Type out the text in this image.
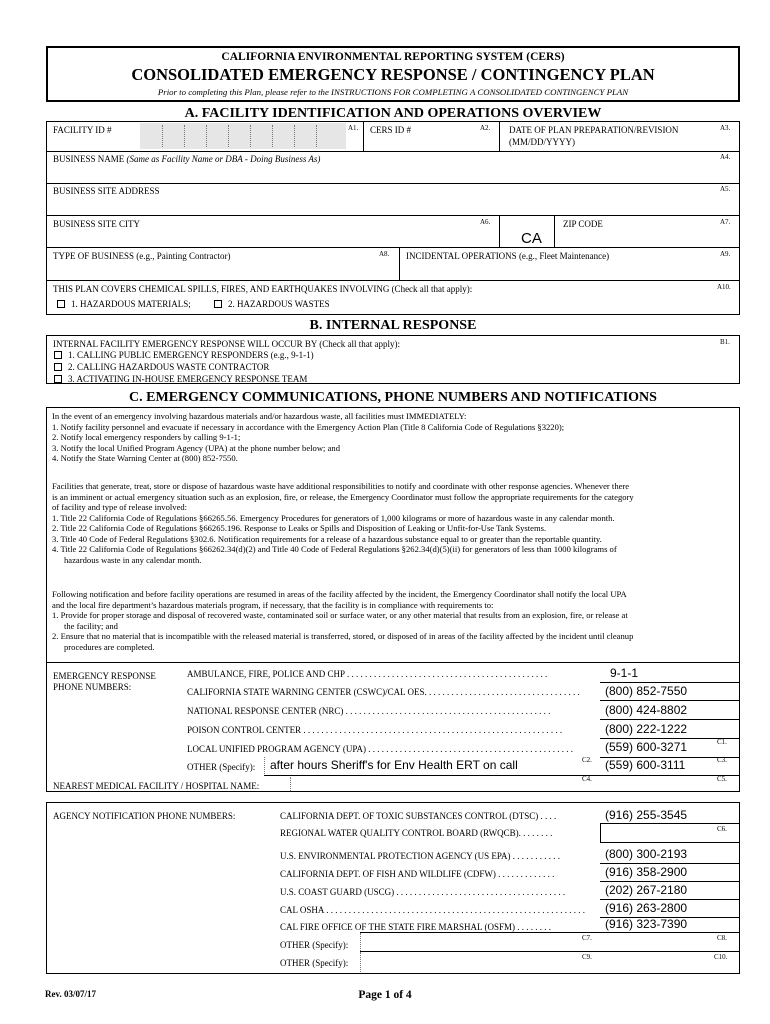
CALIFORNIA ENVIRONMENTAL REPORTING SYSTEM (CERS)
CONSOLIDATED EMERGENCY RESPONSE / CONTINGENCY PLAN
Prior to completing this Plan, please refer to the INSTRUCTIONS FOR COMPLETING A CONSOLIDATED CONTINGENCY PLAN
A. FACILITY IDENTIFICATION AND OPERATIONS OVERVIEW
FACILITY ID #	A1. CERS ID #	A2. DATE OF PLAN PREPARATION/REVISION
(MM/DD/YYYY)
A3.
BUSINESS NAME (Same as Facility Name or DBA - Doing Business As)	A4.
BUSINESS SITE ADDRESS	A5.
BUSINESS SITE CITY	A6.
CA
ZIP CODE	A7.
TYPE OF BUSINESS (e.g., Painting Contractor)	A8. INCIDENTAL OPERATIONS (e.g., Fleet Maintenance)	A9.
THIS PLAN COVERS CHEMICAL SPILLS, FIRES, AND EARTHQUAKES INVOLVING (Check all that apply):	A10.
1. HAZARDOUS MATERIALS;	2. HAZARDOUS WASTES
B. INTERNAL RESPONSE
INTERNAL FACILITY EMERGENCY RESPONSE WILL OCCUR BY (Check all that apply):	B1.
1. CALLING PUBLIC EMERGENCY RESPONDERS (e.g., 9-1-1)
2. CALLING HAZARDOUS WASTE CONTRACTOR
3. ACTIVATING IN-HOUSE EMERGENCY RESPONSE TEAM
C. EMERGENCY COMMUNICATIONS, PHONE NUMBERS AND NOTIFICATIONS
In the event of an emergency involving hazardous materials and/or hazardous waste, all facilities must IMMEDIATELY:
1. Notify facility personnel and evacuate if necessary in accordance with the Emergency Action Plan (Title 8 California Code of Regulations §3220);
2. Notify local emergency responders by calling 9-1-1;
3. Notify the local Unified Program Agency (UPA) at the phone number below; and
4. Notify the State Warning Center at (800) 852-7550.
Facilities that generate, treat, store or dispose of hazardous waste have additional responsibilities to notify and coordinate with other response agencies. Whenever there
is an imminent or actual emergency situation such as an explosion, fire, or release, the Emergency Coordinator must follow the appropriate requirements for the category
of facility and type of release involved:
1. Title 22 California Code of Regulations §66265.56. Emergency Procedures for generators of 1,000 kilograms or more of hazardous waste in any calendar month.
2. Title 22 California Code of Regulations §66265.196. Response to Leaks or Spills and Disposition of Leaking or Unfit-for-Use Tank Systems.
3. Title 40 Code of Federal Regulations §302.6. Notification requirements for a release of a hazardous substance equal to or greater than the reportable quantity.
4. Title 22 California Code of Regulations §66262.34(d)(2) and Title 40 Code of Federal Regulations §262.34(d)(5)(ii) for generators of less than 1000 kilograms of
hazardous waste in any calendar month.
Following notification and before facility operations are resumed in areas of the facility affected by the incident, the Emergency Coordinator shall notify the local UPA
and the local fire department’s hazardous materials program, if necessary, that the facility is in compliance with requirements to:
1. Provide for proper storage and disposal of recovered waste, contaminated soil or surface water, or any other material that results from an explosion, fire, or release at
the facility; and
2. Ensure that no material that is incompatible with the released material is transferred, stored, or disposed of in areas of the facility affected by the incident until cleanup
procedures are completed.
EMERGENCY RESPONSE
PHONE NUMBERS:
AMBULANCE, FIRE, POLICE AND CHP . . . . . . . . . . . . . . . . . . . . . . . . . . . . . . . . . . . . . . . . . . . . .	9-1-1
CALIFORNIA STATE WARNING CENTER (CSWC)/CAL OES. . . . . . . . . . . . . . . . . . . . . . . . . . . . . . . . . . .	(800) 852-7550
NATIONAL RESPONSE CENTER (NRC) . . . . . . . . . . . . . . . . . . . . . . . . . . . . . . . . . . . . . . . . . . . . . .	(800) 424-8802
POISON CONTROL CENTER . . . . . . . . . . . . . . . . . . . . . . . . . . . . . . . . . . . . . . . . . . . . . . . . . . . . . . . . . .	(800) 222-1222
LOCAL UNIFIED PROGRAM AGENCY (UPA) . . . . . . . . . . . . . . . . . . . . . . . . . . . . . . . . . . . . . . . . . . . . . .	(559) 600-3271	C1.
OTHER (Specify): after hours Sheriff's for Env Health ERT on call	C2. (559) 600-3111	C3.
NEAREST MEDICAL FACILITY / HOSPITAL NAME:
C4.	C5.
AGENCY NOTIFICATION PHONE NUMBERS:	CALIFORNIA DEPT. OF TOXIC SUBSTANCES CONTROL (DTSC) . . . .	(916) 255-3545
REGIONAL WATER QUALITY CONTROL BOARD (RWQCB). . . . . . . .	C6.
U.S. ENVIRONMENTAL PROTECTION AGENCY (US EPA) . . . . . . . . . . .	(800) 300-2193
CALIFORNIA DEPT. OF FISH AND WILDLIFE (CDFW) . . . . . . . . . . . . .	(916) 358-2900
U.S. COAST GUARD (USCG) . . . . . . . . . . . . . . . . . . . . . . . . . . . . . . . . . . . . . .	(202) 267-2180
CAL OSHA . . . . . . . . . . . . . . . . . . . . . . . . . . . . . . . . . . . . . . . . . . . . . . . . . . . . . . . . . .	(916) 263-2800
CAL FIRE OFFICE OF THE STATE FIRE MARSHAL (OSFM) . . . . . . . .	(916) 323-7390
OTHER (Specify):
C7.	C8.
OTHER (Specify):
C9.	C10.
Rev. 03/07/17	Page 1 of 4
